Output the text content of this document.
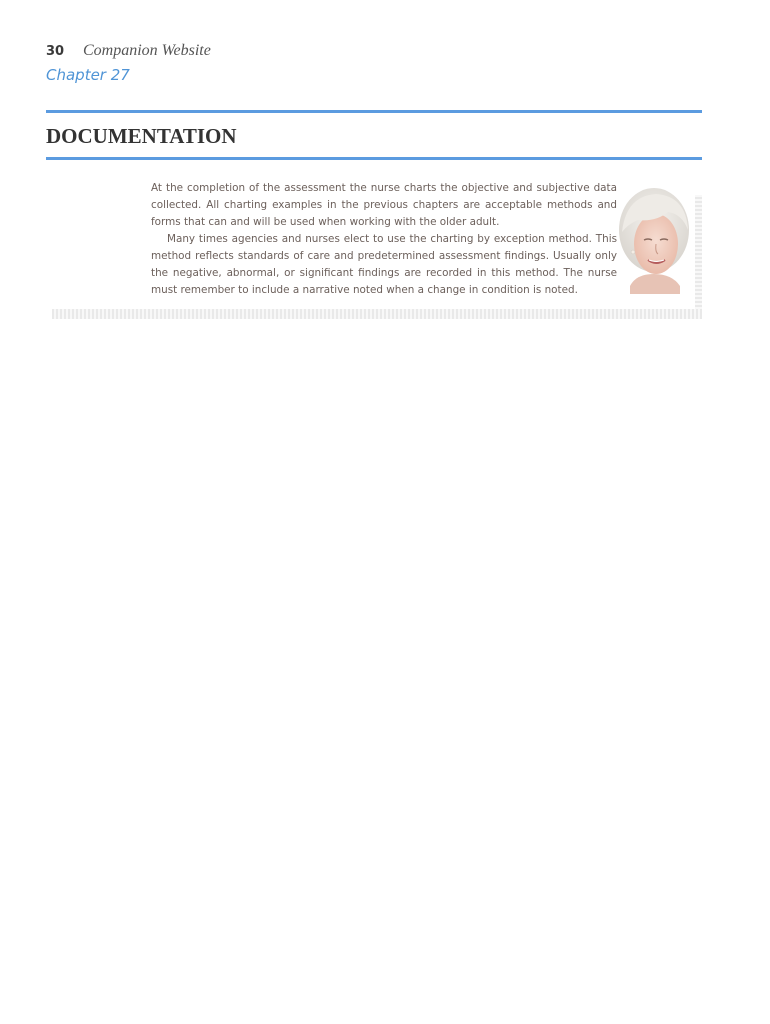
30 Companion Website
Chapter 27
DOCUMENTATION

At the completion of the assessment the nurse charts the objective and subjective data collected. All charting examples in the previous chapters are acceptable methods and forms that can and will be used when working with the older adult.

Many times agencies and nurses elect to use the charting by exception method. This method reflects standards of care and predetermined assessment findings. Usually only the negative, abnormal, or significant findings are recorded in this method. The nurse must remember to include a narrative noted when a change in condition is noted.
